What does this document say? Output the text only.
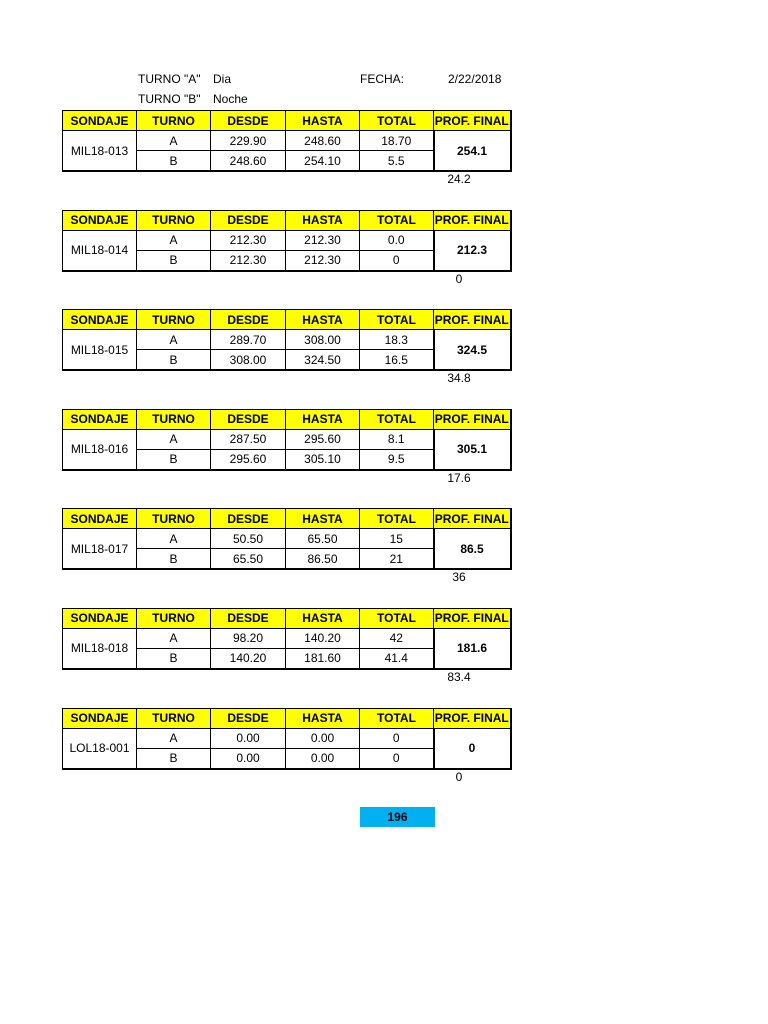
TURNO "A" Dia	FECHA:	2/22/2018
TURNO "B" Noche
SONDAJE	TURNO	DESDE	HASTA	TOTAL	PROF. FINAL
MIL18-013	A	229.90	248.60	18.70	254.1
	B	248.60	254.10	5.5	
24.2
SONDAJE	TURNO	DESDE	HASTA	TOTAL	PROF. FINAL
MIL18-014	A	212.30	212.30	0.0	212.3
	B	212.30	212.30	0	
0
SONDAJE	TURNO	DESDE	HASTA	TOTAL	PROF. FINAL
MIL18-015	A	289.70	308.00	18.3	324.5
	B	308.00	324.50	16.5	
34.8
SONDAJE	TURNO	DESDE	HASTA	TOTAL	PROF. FINAL
MIL18-016	A	287.50	295.60	8.1	305.1
	B	295.60	305.10	9.5	
17.6
SONDAJE	TURNO	DESDE	HASTA	TOTAL	PROF. FINAL
MIL18-017	A	50.50	65.50	15	86.5
	B	65.50	86.50	21	
36
SONDAJE	TURNO	DESDE	HASTA	TOTAL	PROF. FINAL
MIL18-018	A	98.20	140.20	42	181.6
	B	140.20	181.60	41.4	
83.4
SONDAJE	TURNO	DESDE	HASTA	TOTAL	PROF. FINAL
LOL18-001	A	0.00	0.00	0	0
	B	0.00	0.00	0	
0
196
